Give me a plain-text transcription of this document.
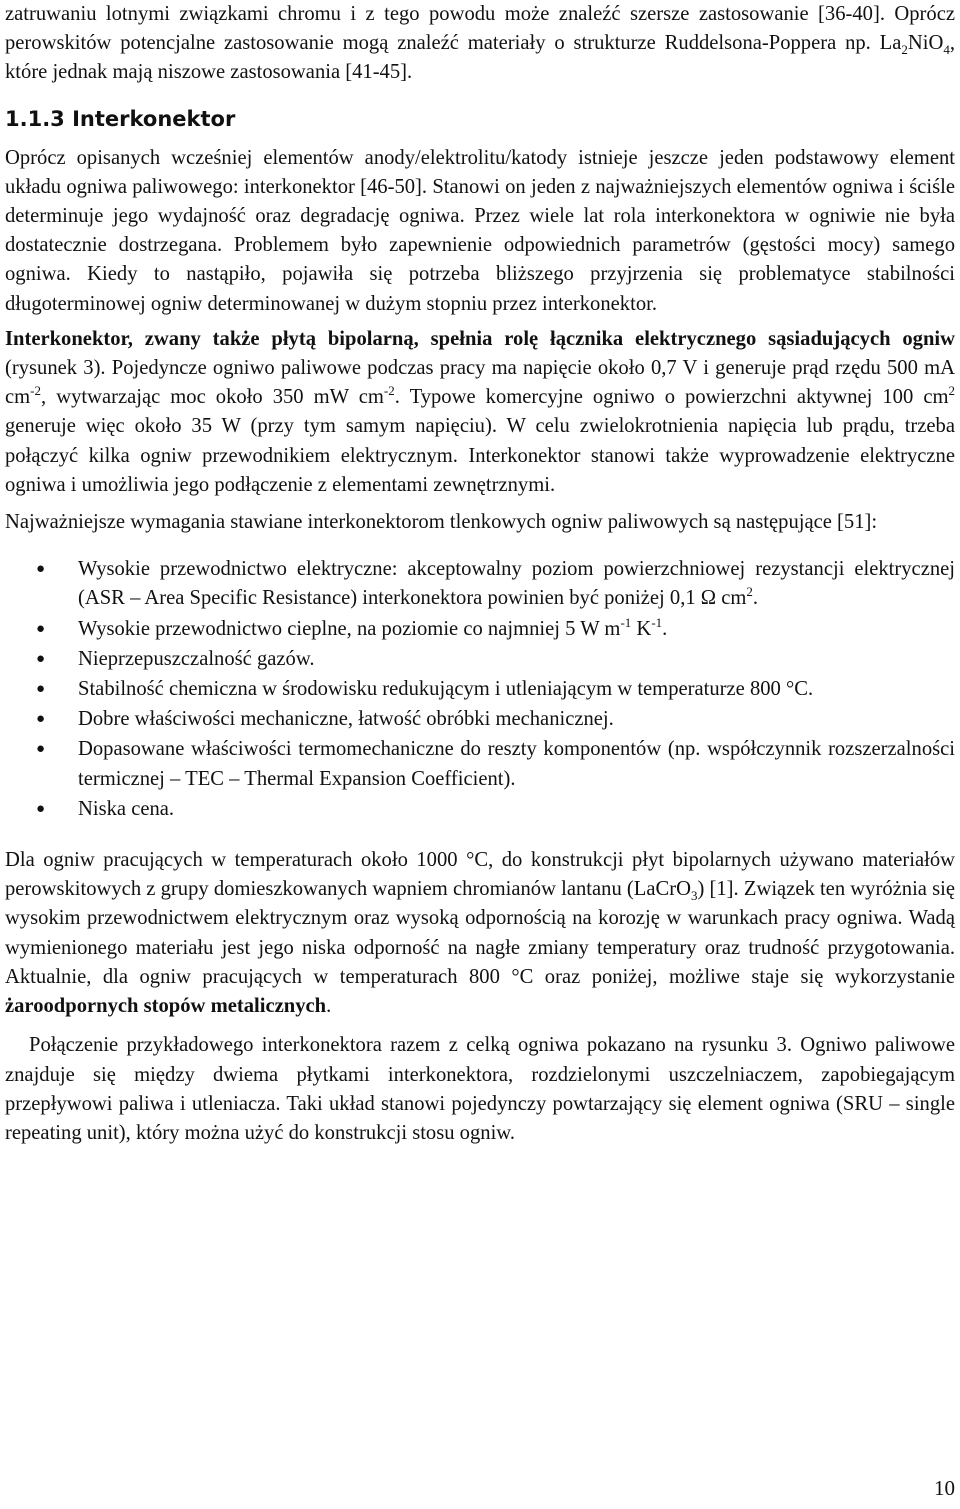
zatruwaniu lotnymi związkami chromu i z tego powodu może znaleźć szersze zastosowanie [36-40]. Oprócz perowskitów potencjalne zastosowanie mogą znaleźć materiały o strukturze Ruddelsona-Poppera np. $La_2NiO_4$, które jednak mają niszowe zastosowania [41-45].

1.1.3 Interkonektor

Oprócz opisanych wcześniej elementów anody/elektrolitu/katody istnieje jeszcze jeden podstawowy element układu ogniwa paliwowego: interkonektor [46-50]. Stanowi on jeden z najważniejszych elementów ogniwa i ściśle determinuje jego wydajność oraz degradację ogniwa. Przez wiele lat rola interkonektora w ogniwie nie była dostatecznie dostrzegana. Problemem było zapewnienie odpowiednich parametrów (gęstości mocy) samego ogniwa. Kiedy to nastąpiło, pojawiła się potrzeba bliższego przyjrzenia się problematyce stabilności długoterminowej ogniw determinowanej w dużym stopniu przez interkonektor.

Interkonektor, zwany także płytą bipolarną, spełnia rolę łącznika elektrycznego sąsiadujących ogniw (rysunek 3). Pojedyncze ogniwo paliwowe podczas pracy ma napięcie około 0,7 V i generuje prąd rzędu 500 mA $cm^{-2}$, wytwarzając moc około 350 mW $cm^{-2}$. Typowe komercyjne ogniwo o powierzchni aktywnej 100 $cm^2$ generuje więc około 35 W (przy tym samym napięciu). W celu zwielokrotnienia napięcia lub prądu, trzeba połączyć kilka ogniw przewodnikiem elektrycznym. Interkonektor stanowi także wyprowadzenie elektryczne ogniwa i umożliwia jego podłączenie z elementami zewnętrznymi.

Najważniejsze wymagania stawiane interkonektorom tlenkowych ogniw paliwowych są następujące [51]:

● Wysokie przewodnictwo elektryczne: akceptowalny poziom powierzchniowej rezystancji elektrycznej (ASR – Area Specific Resistance) interkonektora powinien być poniżej 0,1 Ω $cm^2$.
● Wysokie przewodnictwo cieplne, na poziomie co najmniej 5 W $m^{-1}$ $K^{-1}$.
● Nieprzepuszczalność gazów.
● Stabilność chemiczna w środowisku redukującym i utleniającym w temperaturze 800 °C.
● Dobre właściwości mechaniczne, łatwość obróbki mechanicznej.
● Dopasowane właściwości termomechaniczne do reszty komponentów (np. współczynnik rozszerzalności termicznej – TEC – Thermal Expansion Coefficient).
● Niska cena.

Dla ogniw pracujących w temperaturach około 1000 °C, do konstrukcji płyt bipolarnych używano materiałów perowskitowych z grupy domieszkowanych wapniem chromianów lantanu (LaCrO$_3$) [1]. Związek ten wyróżnia się wysokim przewodnictwem elektrycznym oraz wysoką odpornością na korozję w warunkach pracy ogniwa. Wadą wymienionego materiału jest jego niska odporność na nagłe zmiany temperatury oraz trudność przygotowania. Aktualnie, dla ogniw pracujących w temperaturach 800 °C oraz poniżej, możliwe staje się wykorzystanie żaroodpornych stopów metalicznych.

Połączenie przykładowego interkonektora razem z celką ogniwa pokazano na rysunku 3. Ogniwo paliwowe znajduje się między dwiema płytkami interkonektora, rozdzielonymi uszczelniaczem, zapobiegającym przepływowi paliwa i utleniacza. Taki układ stanowi pojedynczy powtarzający się element ogniwa (SRU – single repeating unit), który można użyć do konstrukcji stosu ogniw.

10
